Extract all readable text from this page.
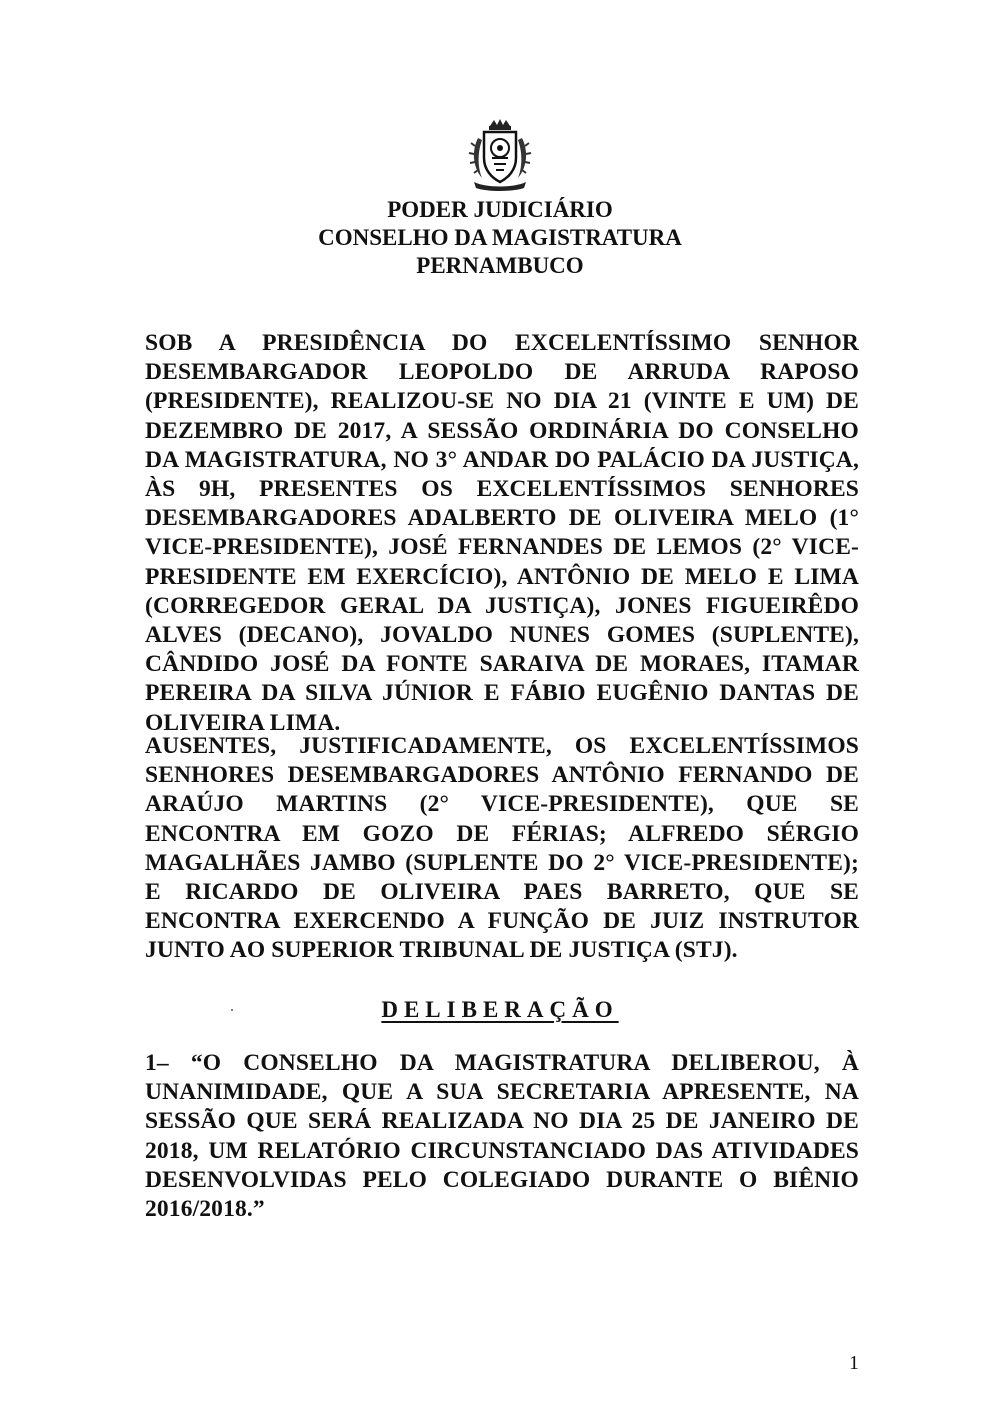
PODER JUDICIÁRIO
CONSELHO DA MAGISTRATURA
PERNAMBUCO
SOB A PRESIDÊNCIA DO EXCELENTÍSSIMO SENHOR DESEMBARGADOR LEOPOLDO DE ARRUDA RAPOSO (PRESIDENTE), REALIZOU-SE NO DIA 21 (VINTE E UM) DE DEZEMBRO DE 2017, A SESSÃO ORDINÁRIA DO CONSELHO DA MAGISTRATURA, NO 3° ANDAR DO PALÁCIO DA JUSTIÇA, ÀS 9H, PRESENTES OS EXCELENTÍSSIMOS SENHORES DESEMBARGADORES ADALBERTO DE OLIVEIRA MELO (1° VICE-PRESIDENTE), JOSÉ FERNANDES DE LEMOS (2° VICE-PRESIDENTE EM EXERCÍCIO), ANTÔNIO DE MELO E LIMA (CORREGEDOR GERAL DA JUSTIÇA), JONES FIGUEIRÊDO ALVES (DECANO), JOVALDO NUNES GOMES (SUPLENTE), CÂNDIDO JOSÉ DA FONTE SARAIVA DE MORAES, ITAMAR PEREIRA DA SILVA JÚNIOR E FÁBIO EUGÊNIO DANTAS DE OLIVEIRA LIMA.
AUSENTES, JUSTIFICADAMENTE, OS EXCELENTÍSSIMOS SENHORES DESEMBARGADORES ANTÔNIO FERNANDO DE ARAÚJO MARTINS (2° VICE-PRESIDENTE), QUE SE ENCONTRA EM GOZO DE FÉRIAS; ALFREDO SÉRGIO MAGALHÃES JAMBO (SUPLENTE DO 2° VICE-PRESIDENTE); E RICARDO DE OLIVEIRA PAES BARRETO, QUE SE ENCONTRA EXERCENDO A FUNÇÃO DE JUIZ INSTRUTOR JUNTO AO SUPERIOR TRIBUNAL DE JUSTIÇA (STJ).
DELIBERAÇÃO
1– “O CONSELHO DA MAGISTRATURA DELIBEROU, À UNANIMIDADE, QUE A SUA SECRETARIA APRESENTE, NA SESSÃO QUE SERÁ REALIZADA NO DIA 25 DE JANEIRO DE 2018, UM RELATÓRIO CIRCUNSTANCIADO DAS ATIVIDADES DESENVOLVIDAS PELO COLEGIADO DURANTE O BIÊNIO 2016/2018.”
1
